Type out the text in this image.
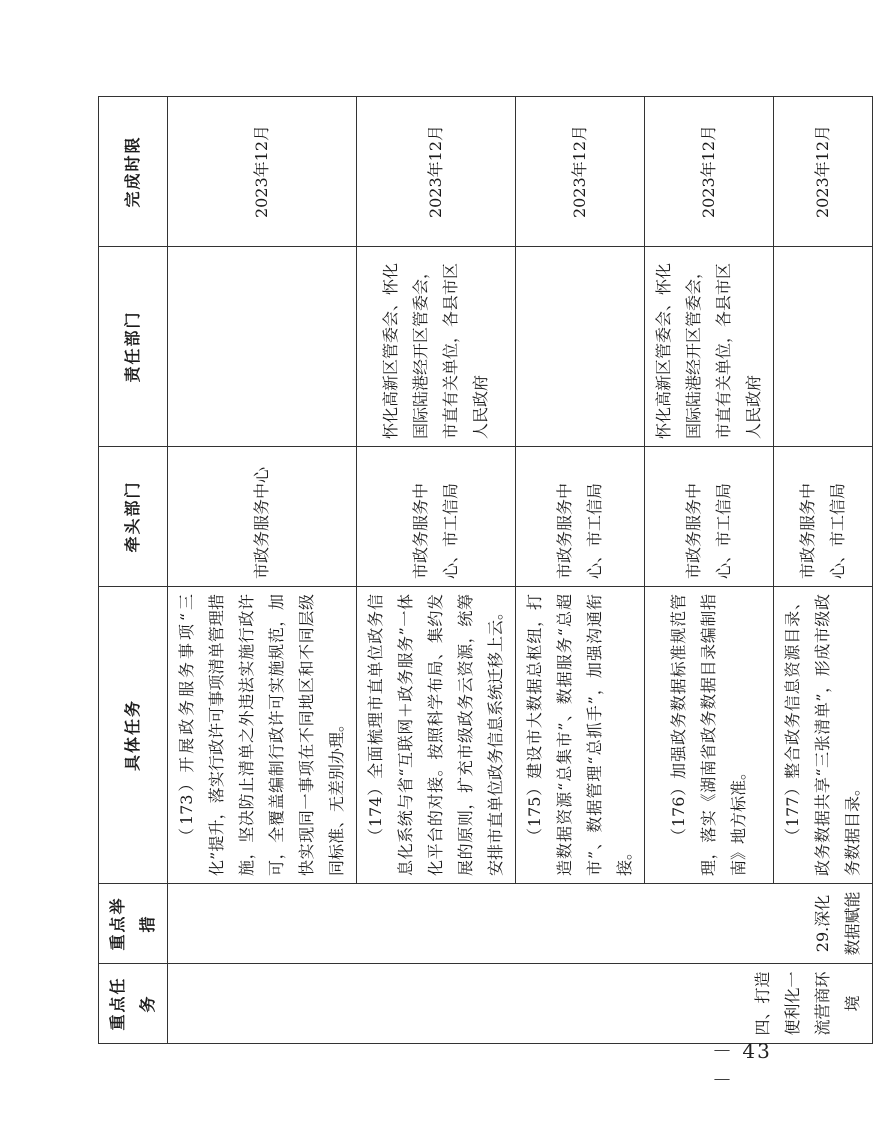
重点任务	重点举措	具体任务	牵头部门	责任部门	完成时限
四、打造便利化一流营商环境	29.深化数据赋能	（173）开展政务服务事项“三化”提升，落实行政许可事项清单管理措施，坚决防止清单之外违法实施行政许可，全覆盖编制行政许可实施规范，加快实现同一事项在不同地区和不同层级同标准、无差别办理。	市政务服务中心		2023年12月
		（174）全面梳理市直单位政务信息化系统与省“互联网＋政务服务”一体化平台的对接。按照科学布局、集约发展的原则，扩充市级政务云资源，统筹安排市直单位政务信息系统迁移上云。	市政务服务中心、市工信局	怀化高新区管委会、怀化国际陆港经开区管委会，市直有关单位，各县市区人民政府	2023年12月
		（175）建设市大数据总枢纽，打造数据资源“总集市”、数据服务“总超市”、数据管理“总抓手”，加强沟通衔接。	市政务服务中心、市工信局		2023年12月
		（176）加强政务数据标准规范管理，落实《湖南省政务数据目录编制指南》地方标准。	市政务服务中心、市工信局	怀化高新区管委会、怀化国际陆港经开区管委会，市直有关单位，各县市区人民政府	2023年12月
		（177）整合政务信息资源目录、政务数据共享“三张清单”，形成市级政务数据目录。	市政务服务中心、市工信局		2023年12月
－ 43 －
